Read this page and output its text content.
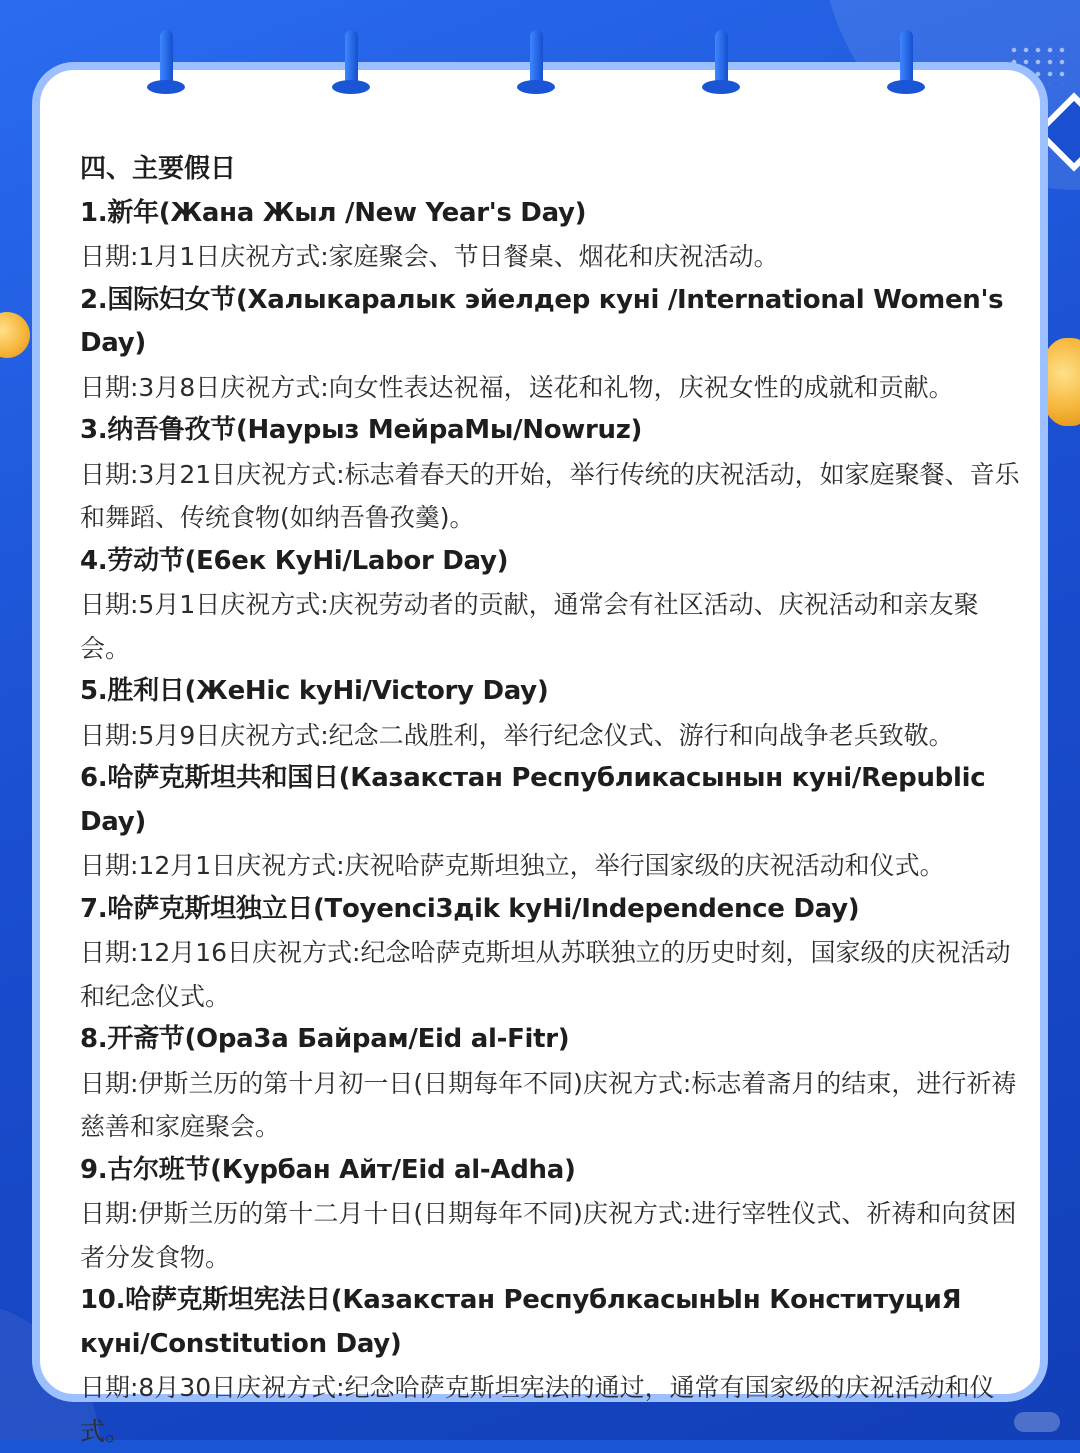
四、主要假日
1.新年(Жана Жыл /New Year's Day)
日期:1月1日庆祝方式:家庭聚会、节日餐桌、烟花和庆祝活动。
2.国际妇女节(Халыкаралык эйелдер куні /International Women's Day)
日期:3月8日庆祝方式:向女性表达祝福，送花和礼物，庆祝女性的成就和贡献。
3.纳吾鲁孜节(Наурыз МейраМы/Nowruz)
日期:3月21日庆祝方式:标志着春天的开始，举行传统的庆祝活动，如家庭聚餐、音乐和舞蹈、传统食物(如纳吾鲁孜羹)。
4.劳动节(Е6ек КyНі/Labor Day)
日期:5月1日庆祝方式:庆祝劳动者的贡献，通常会有社区活动、庆祝活动和亲友聚会。
5.胜利日(ЖеНіс kyHі/Victory Day)
日期:5月9日庆祝方式:纪念二战胜利，举行纪念仪式、游行和向战争老兵致敬。
6.哈萨克斯坦共和国日(Казакстан Республикасынын куні/Republic Day)
日期:12月1日庆祝方式:庆祝哈萨克斯坦独立，举行国家级的庆祝活动和仪式。
7.哈萨克斯坦独立日(Тoyenci3дik kyHi/Independence Day)
日期:12月16日庆祝方式:纪念哈萨克斯坦从苏联独立的历史时刻，国家级的庆祝活动和纪念仪式。
8.开斋节(Ора3а Байрам/Eid al-Fitr)
日期:伊斯兰历的第十月初一日(日期每年不同)庆祝方式:标志着斋月的结束，进行祈祷慈善和家庭聚会。
9.古尔班节(Курбан Айт/Eid al-Adha)
日期:伊斯兰历的第十二月十日(日期每年不同)庆祝方式:进行宰牲仪式、祈祷和向贫困者分发食物。
10.哈萨克斯坦宪法日(Казакстан РеспублкасынЫн КонституциЯ куні/Constitution Day)
日期:8月30日庆祝方式:纪念哈萨克斯坦宪法的通过，通常有国家级的庆祝活动和仪式。
